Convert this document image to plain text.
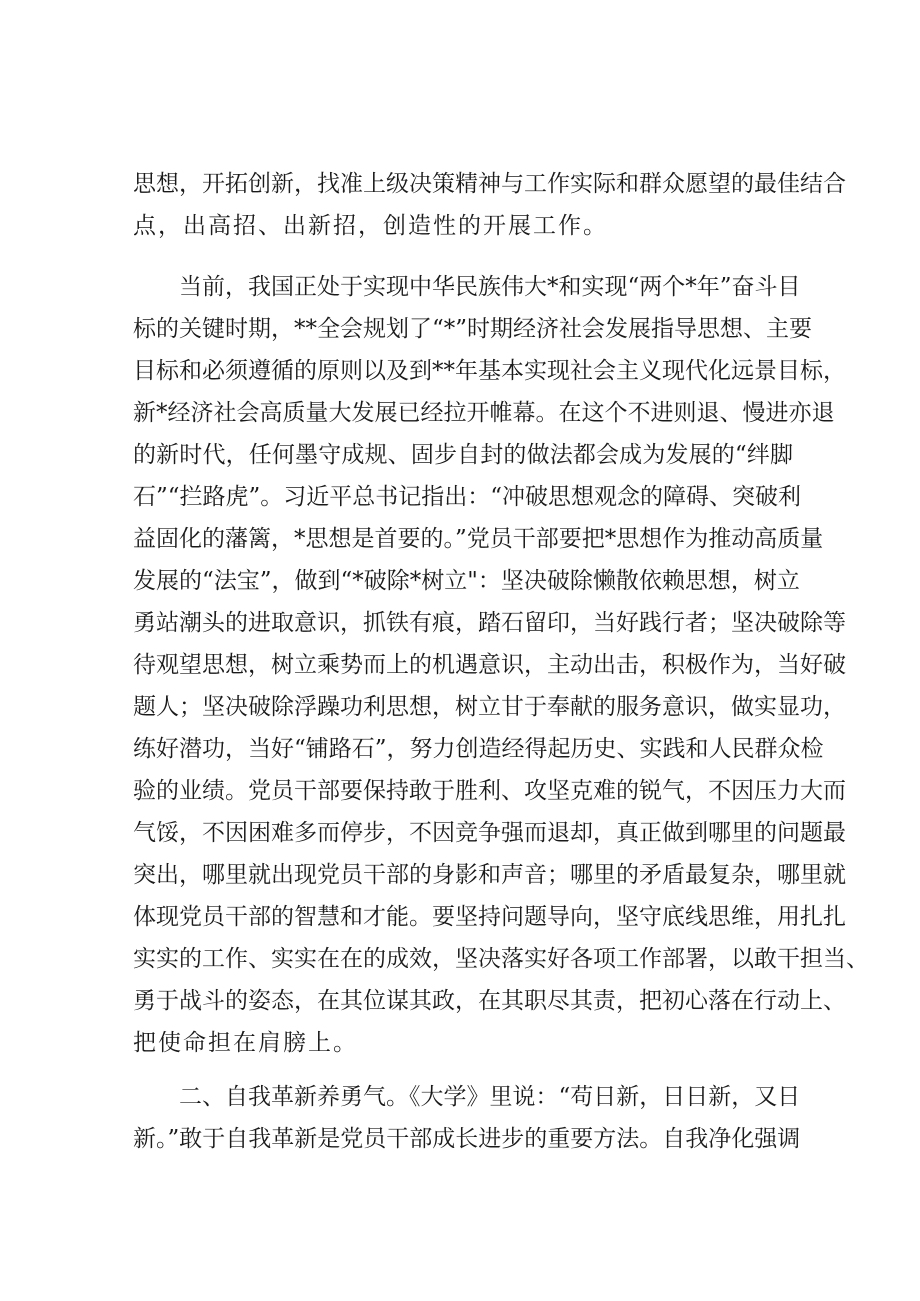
思想，开拓创新，找准上级决策精神与工作实际和群众愿望的最佳结合
点，出高招、出新招，创造性的开展工作。
当前，我国正处于实现中华民族伟大*和实现“两个*年”奋斗目
标的关键时期，**全会规划了“*”时期经济社会发展指导思想、主要
目标和必须遵循的原则以及到**年基本实现社会主义现代化远景目标，
新*经济社会高质量大发展已经拉开帷幕。在这个不进则退、慢进亦退
的新时代，任何墨守成规、固步自封的做法都会成为发展的“绊脚
石”“拦路虎”。习近平总书记指出：“冲破思想观念的障碍、突破利
益固化的藩篱，*思想是首要的。”党员干部要把*思想作为推动高质量
发展的“法宝”，做到“*破除*树立"：坚决破除懒散依赖思想，树立
勇站潮头的进取意识，抓铁有痕，踏石留印，当好践行者；坚决破除等
待观望思想，树立乘势而上的机遇意识，主动出击，积极作为，当好破
题人；坚决破除浮躁功利思想，树立甘于奉献的服务意识，做实显功，
练好潜功，当好“铺路石”，努力创造经得起历史、实践和人民群众检
验的业绩。党员干部要保持敢于胜利、攻坚克难的锐气，不因压力大而
气馁，不因困难多而停步，不因竞争强而退却，真正做到哪里的问题最
突出，哪里就出现党员干部的身影和声音；哪里的矛盾最复杂，哪里就
体现党员干部的智慧和才能。要坚持问题导向，坚守底线思维，用扎扎
实实的工作、实实在在的成效，坚决落实好各项工作部署，以敢干担当、
勇于战斗的姿态，在其位谋其政，在其职尽其责，把初心落在行动上、
把使命担在肩膀上。
二、自我革新养勇气。《大学》里说：“苟日新，日日新，又日
新。”敢于自我革新是党员干部成长进步的重要方法。自我净化强调
